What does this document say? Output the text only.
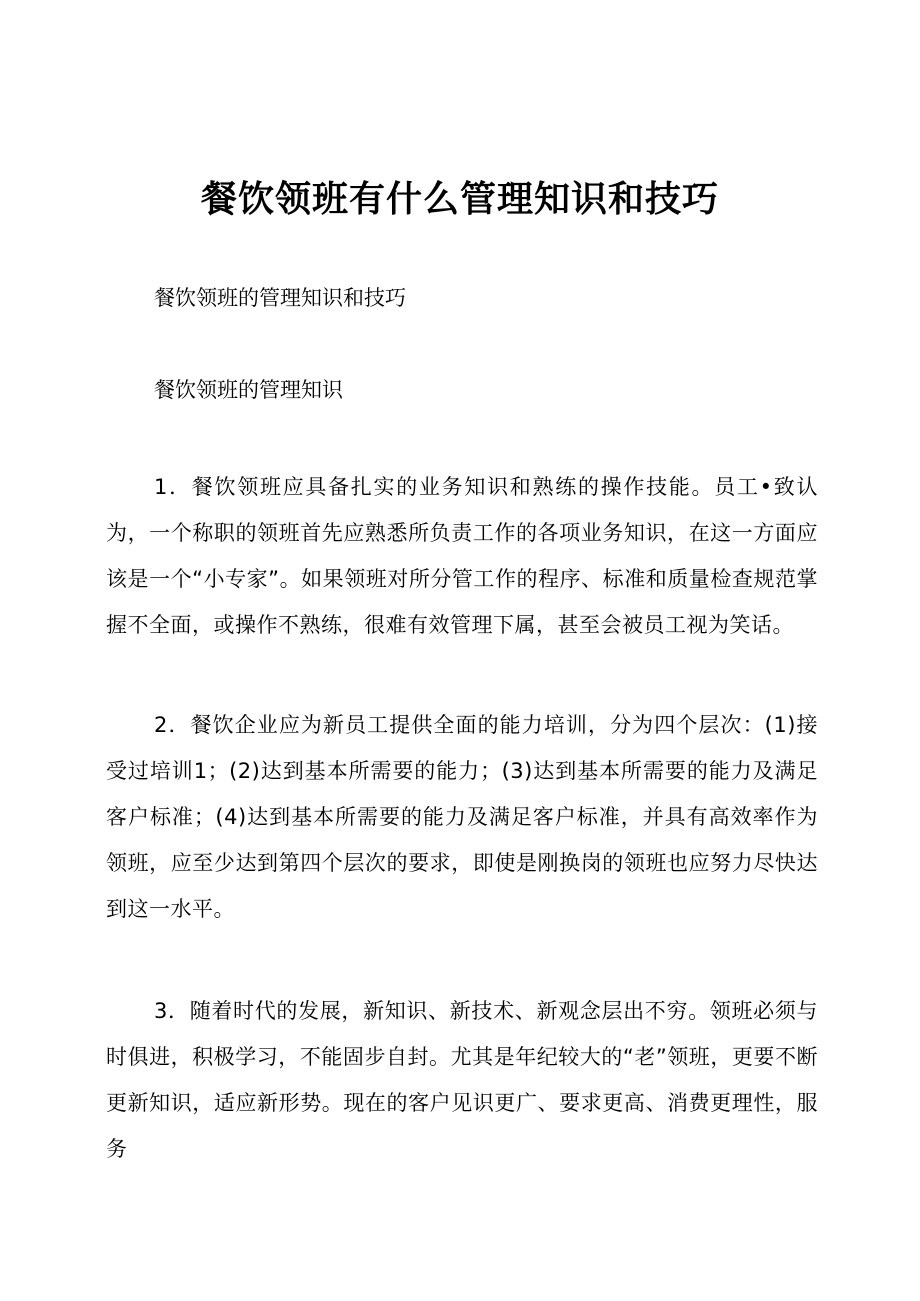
餐饮领班有什么管理知识和技巧
餐饮领班的管理知识和技巧
餐饮领班的管理知识

1．餐饮领班应具备扎实的业务知识和熟练的操作技能。员工•致认为，一个称职的领班首先应熟悉所负责工作的各项业务知识，在这一方面应该是一个“小专家”。如果领班对所分管工作的程序、标准和质量检查规范掌握不全面，或操作不熟练，很难有效管理下属，甚至会被员工视为笑话。

2．餐饮企业应为新员工提供全面的能力培训，分为四个层次：(1)接受过培训1；(2)达到基本所需要的能力；(3)达到基本所需要的能力及满足客户标准；(4)达到基本所需要的能力及满足客户标准，并具有高效率作为领班，应至少达到第四个层次的要求，即使是刚换岗的领班也应努力尽快达到这一水平。

3．随着时代的发展，新知识、新技术、新观念层出不穷。领班必须与时俱进，积极学习，不能固步自封。尤其是年纪较大的“老”领班，更要不断更新知识，适应新形势。现在的客户见识更广、要求更高、消费更理性，服务
